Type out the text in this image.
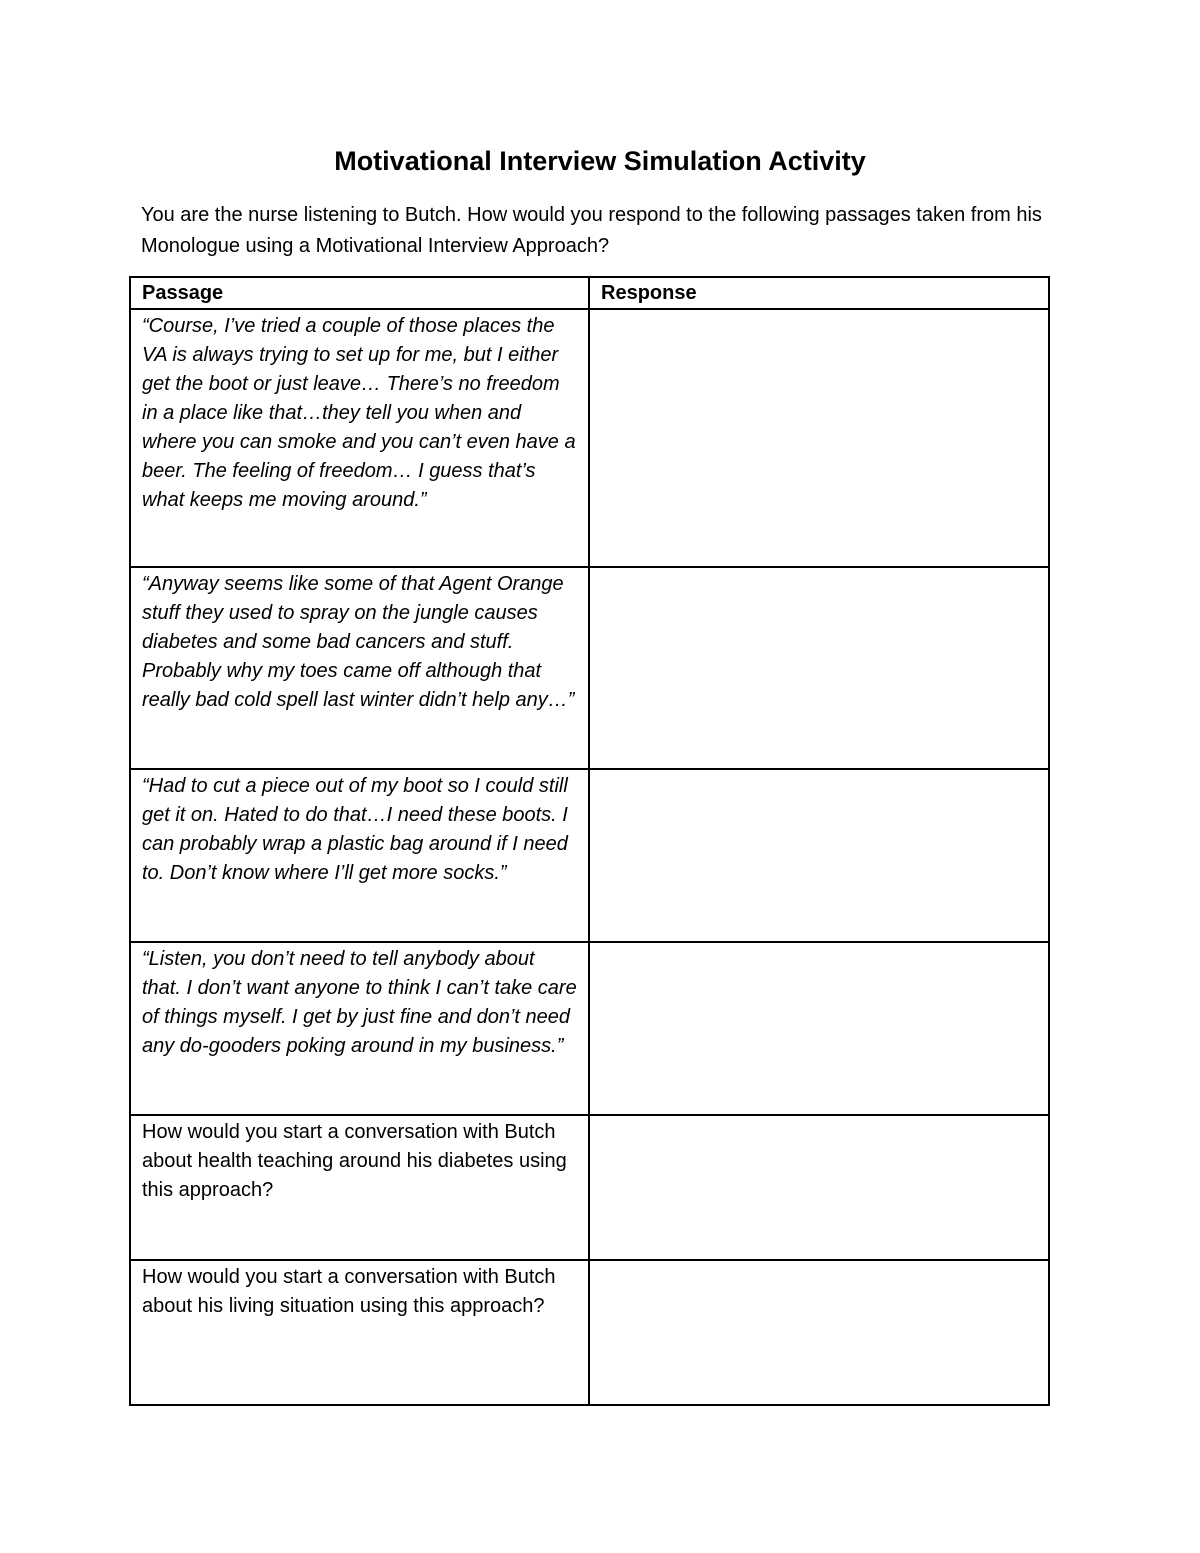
Motivational Interview Simulation Activity

You are the nurse listening to Butch. How would you respond to the following passages taken from his Monologue using a Motivational Interview Approach?

Passage	Response
“Course, I’ve tried a couple of those places the VA is always trying to set up for me, but I either get the boot or just leave… There’s no freedom in a place like that…they tell you when and where you can smoke and you can’t even have a beer. The feeling of freedom… I guess that’s what keeps me moving around.”	
“Anyway seems like some of that Agent Orange stuff they used to spray on the jungle causes diabetes and some bad cancers and stuff. Probably why my toes came off although that really bad cold spell last winter didn’t help any…”	
“Had to cut a piece out of my boot so I could still get it on. Hated to do that…I need these boots. I can probably wrap a plastic bag around if I need to. Don’t know where I’ll get more socks.”	
“Listen, you don’t need to tell anybody about that. I don’t want anyone to think I can’t take care of things myself. I get by just fine and don’t need any do-gooders poking around in my business.”	
How would you start a conversation with Butch about health teaching around his diabetes using this approach?	
How would you start a conversation with Butch about his living situation using this approach?	
